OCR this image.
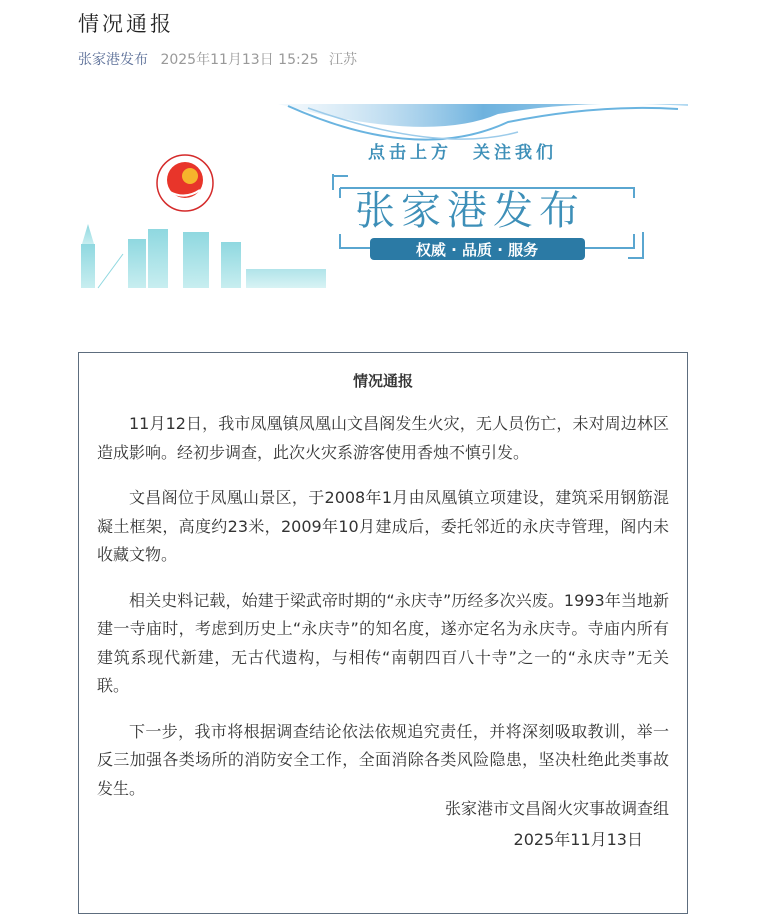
情况通报
张家港发布 2025年11月13日 15:25 江苏
点击上方　关注我们
张家港发布
权威 · 品质 · 服务
情况通报

11月12日，我市凤凰镇凤凰山文昌阁发生火灾，无人员伤亡，未对周边林区造成影响。经初步调查，此次火灾系游客使用香烛不慎引发。

文昌阁位于凤凰山景区，于2008年1月由凤凰镇立项建设，建筑采用钢筋混凝土框架，高度约23米，2009年10月建成后，委托邻近的永庆寺管理，阁内未收藏文物。

相关史料记载，始建于梁武帝时期的“永庆寺”历经多次兴废。1993年当地新建一寺庙时，考虑到历史上“永庆寺”的知名度，遂亦定名为永庆寺。寺庙内所有建筑系现代新建，无古代遗构，与相传“南朝四百八十寺”之一的“永庆寺”无关联。

下一步，我市将根据调查结论依法依规追究责任，并将深刻吸取教训，举一反三加强各类场所的消防安全工作，全面消除各类风险隐患，坚决杜绝此类事故发生。

张家港市文昌阁火灾事故调查组
2025年11月13日
